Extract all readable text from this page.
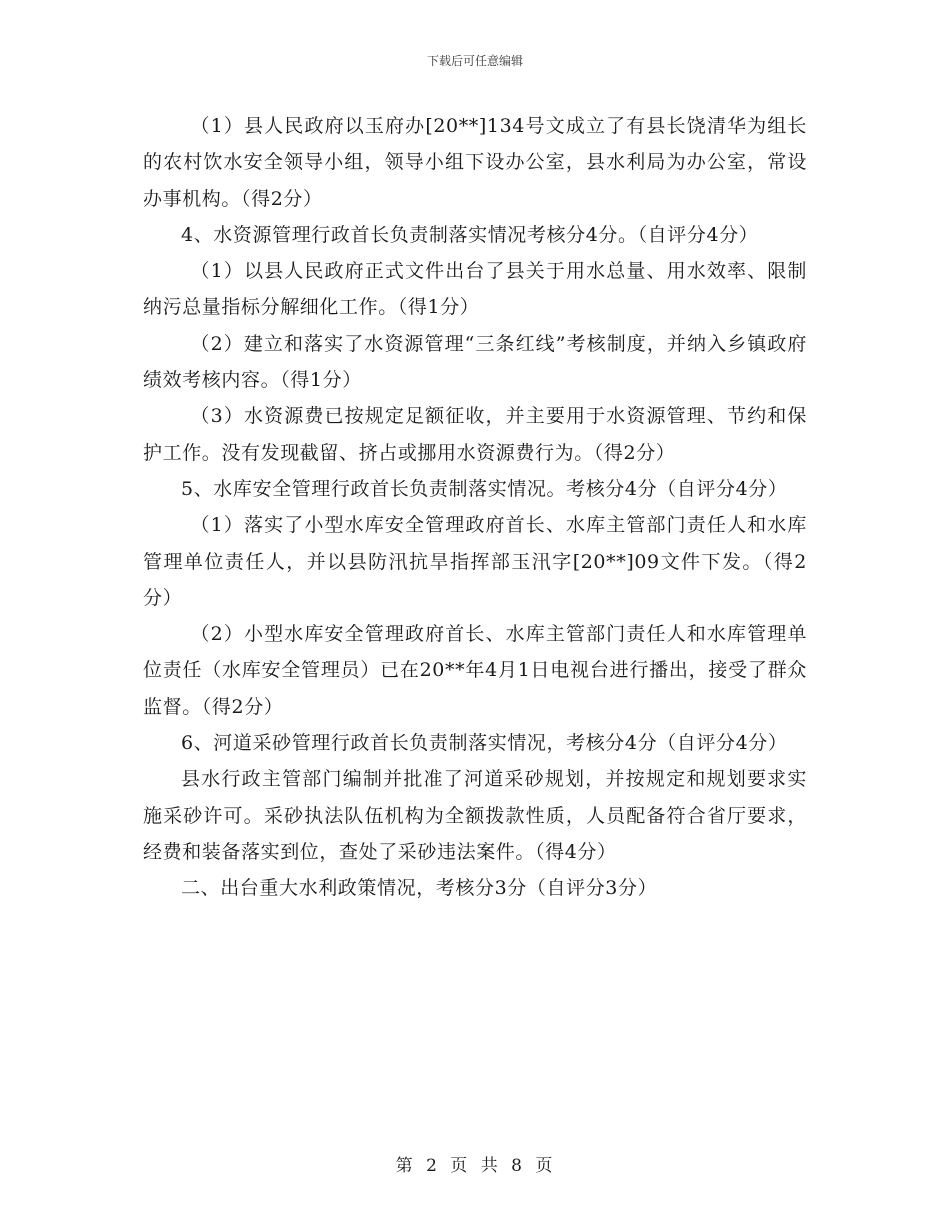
下载后可任意编辑

（1）县人民政府以玉府办[20**]134号文成立了有县长饶清华为组长的农村饮水安全领导小组，领导小组下设办公室，县水利局为办公室，常设办事机构。（得2分）

4、水资源管理行政首长负责制落实情况考核分4分。（自评分4分）

（1）以县人民政府正式文件出台了县关于用水总量、用水效率、限制纳污总量指标分解细化工作。（得1分）

（2）建立和落实了水资源管理“三条红线”考核制度，并纳入乡镇政府绩效考核内容。（得1分）

（3）水资源费已按规定足额征收，并主要用于水资源管理、节约和保护工作。没有发现截留、挤占或挪用水资源费行为。（得2分）

5、水库安全管理行政首长负责制落实情况。考核分4分（自评分4分）

（1）落实了小型水库安全管理政府首长、水库主管部门责任人和水库管理单位责任人，并以县防汛抗旱指挥部玉汛字[20**]09文件下发。（得2分）

（2）小型水库安全管理政府首长、水库主管部门责任人和水库管理单位责任（水库安全管理员）已在20**年4月1日电视台进行播出，接受了群众监督。（得2分）

6、河道采砂管理行政首长负责制落实情况，考核分4分（自评分4分）

县水行政主管部门编制并批准了河道采砂规划，并按规定和规划要求实施采砂许可。采砂执法队伍机构为全额拨款性质，人员配备符合省厅要求，经费和装备落实到位，查处了采砂违法案件。（得4分）

二、出台重大水利政策情况，考核分3分（自评分3分）

第 2 页 共 8 页
